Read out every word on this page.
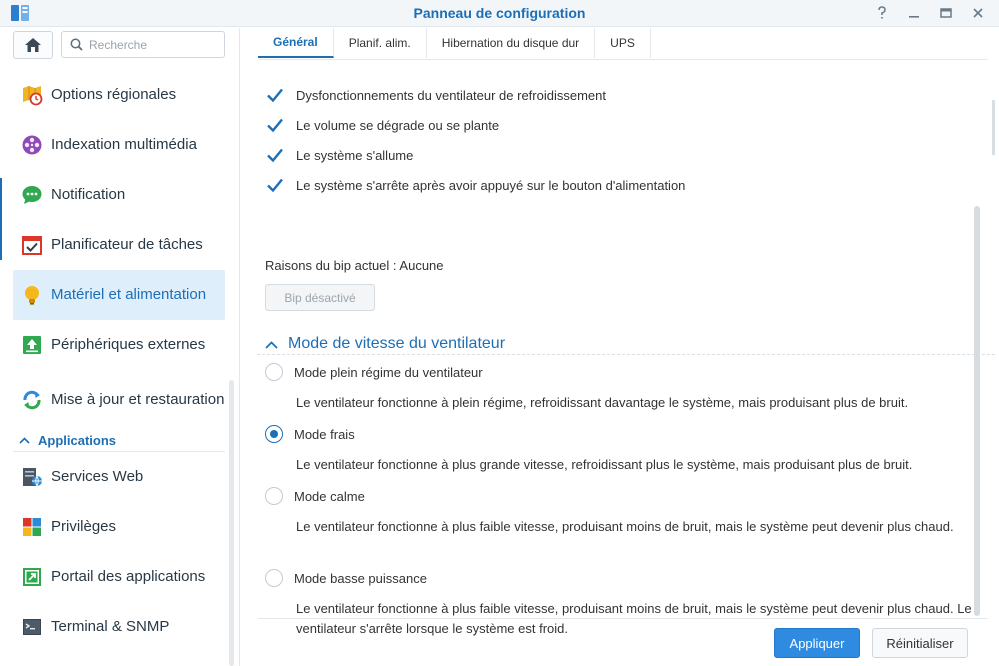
Panneau de configuration
Recherche
Options régionales
Indexation multimédia
Notification
Planificateur de tâches
Matériel et alimentation
Périphériques externes
Mise à jour et restauration
Applications
Services Web
Privilèges
Portail des applications
Terminal & SNMP
Général	Planif. alim.	Hibernation du disque dur	UPS
Dysfonctionnements du ventilateur de refroidissement
Le volume se dégrade ou se plante
Le système s'allume
Le système s'arrête après avoir appuyé sur le bouton d'alimentation
Raisons du bip actuel : Aucune
Bip désactivé
Mode de vitesse du ventilateur
Mode plein régime du ventilateur
Le ventilateur fonctionne à plein régime, refroidissant davantage le système, mais produisant plus de bruit.
Mode frais
Le ventilateur fonctionne à plus grande vitesse, refroidissant plus le système, mais produisant plus de bruit.
Mode calme
Le ventilateur fonctionne à plus faible vitesse, produisant moins de bruit, mais le système peut devenir plus chaud.
Mode basse puissance
Le ventilateur fonctionne à plus faible vitesse, produisant moins de bruit, mais le système peut devenir plus chaud. Le ventilateur s'arrête lorsque le système est froid.
Appliquer	Réinitialiser
